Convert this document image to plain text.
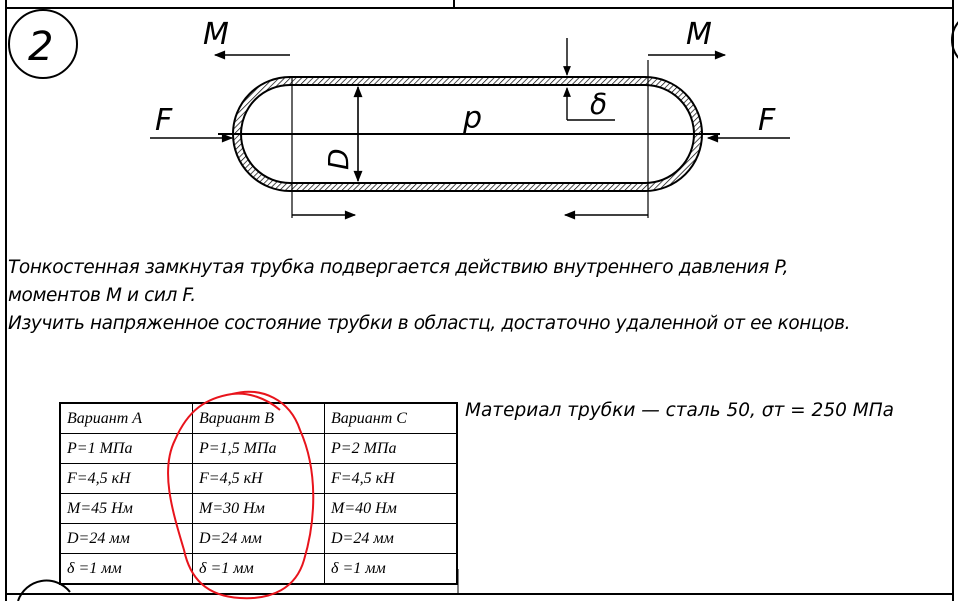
M	M
F	F
p	δ
D
2
Тонкостенная замкнутая трубка подвергается действию внутреннего давления P,
моментов M и сил F.
Изучить напряженное состояние трубки в областц, достаточно удаленной от ее концов.
Вариант A	Вариант B	Вариант C
P=1 МПа	P=1,5 МПа	P=2 МПа
F=4,5 кН	F=4,5 кН	F=4,5 кН
M=45 Нм	M=30 Нм	M=40 Нм
D=24 мм	D=24 мм	D=24 мм
δ =1 мм	δ =1 мм	δ =1 мм
Материал трубки — сталь 50, σт = 250 МПа
